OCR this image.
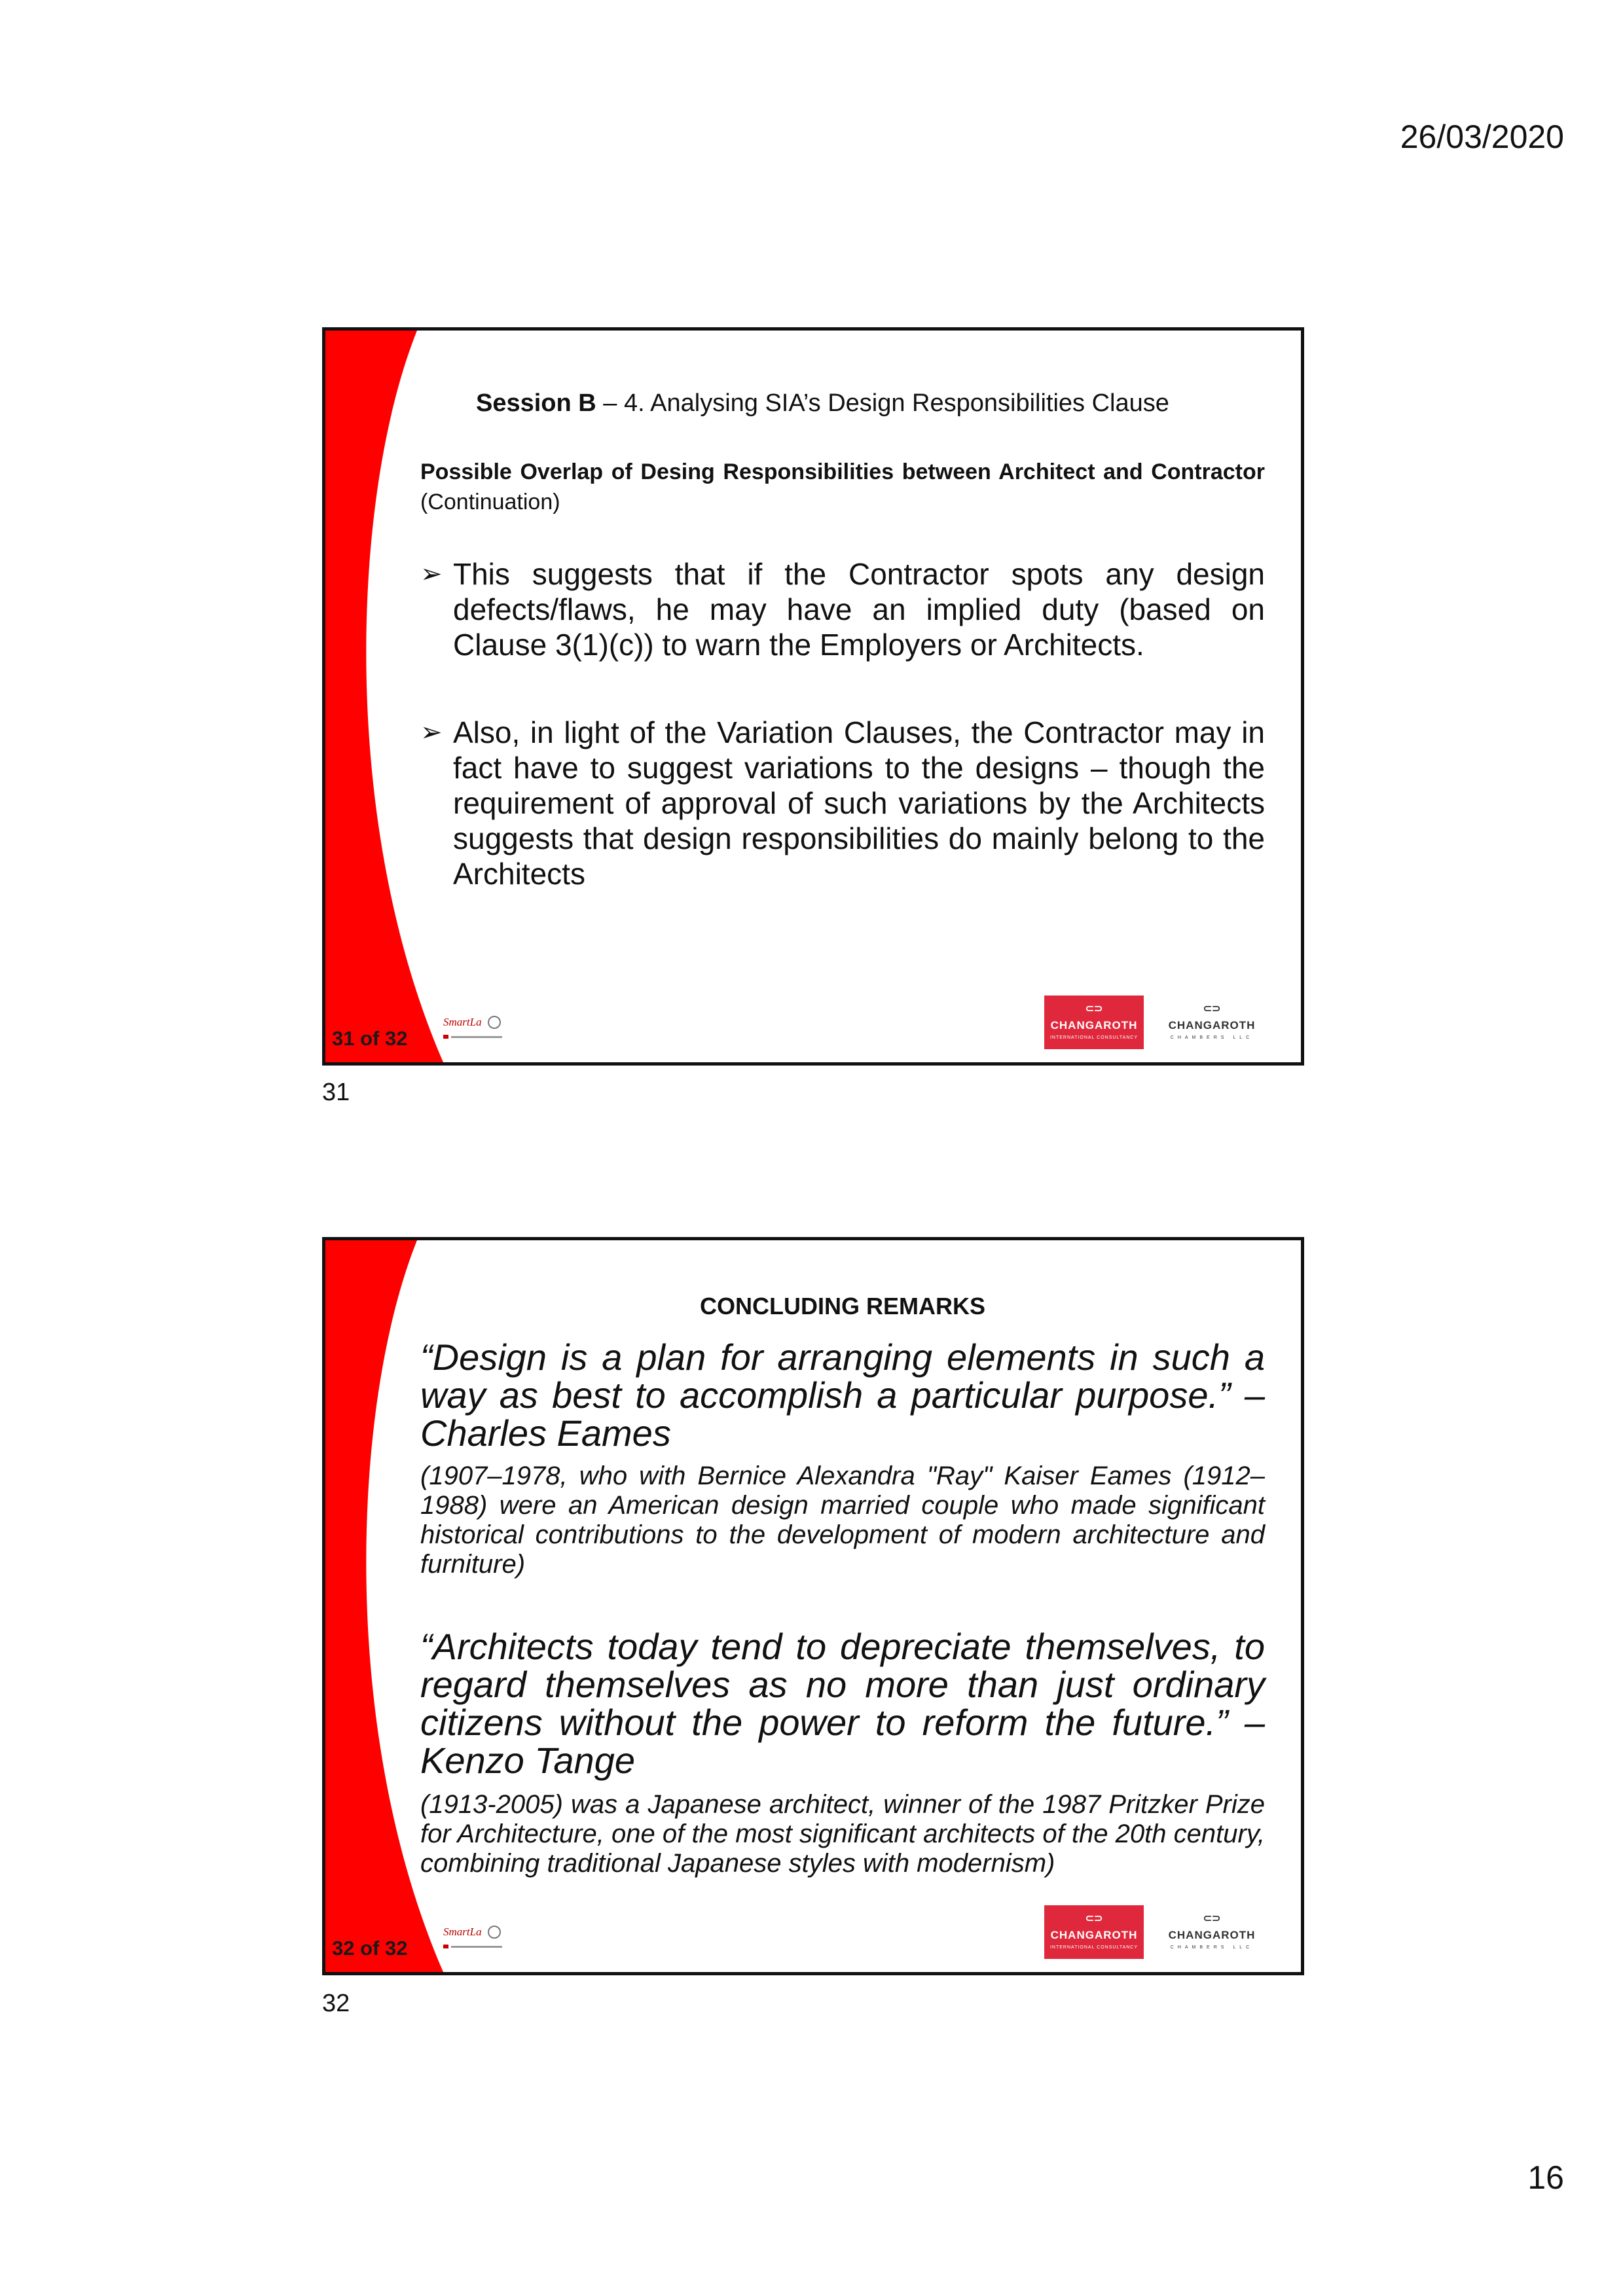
26/03/2020
Session B – 4. Analysing SIA’s Design Responsibilities Clause
Possible Overlap of Desing Responsibilities between Architect and Contractor (Continuation)
➢ This suggests that if the Contractor spots any design defects/flaws, he may have an implied duty (based on Clause 3(1)(c)) to warn the Employers or Architects.
➢ Also, in light of the Variation Clauses, the Contractor may in fact have to suggest variations to the designs – though the requirement of approval of such variations by the Architects suggests that design responsibilities do mainly belong to the Architects
31 of 32
SmartLa
⊂⊃
CHANGAROTH
INTERNATIONAL CONSULTANCY
⊂⊃
CHANGAROTH
CHAMBERS LLC
31
CONCLUDING REMARKS
“Design is a plan for arranging elements in such a way as best to accomplish a particular purpose.” – Charles Eames
(1907–1978, who with Bernice Alexandra "Ray" Kaiser Eames (1912–1988) were an American design married couple who made significant historical contributions to the development of modern architecture and furniture)
“Architects today tend to depreciate themselves, to regard themselves as no more than just ordinary citizens without the power to reform the future.” – Kenzo Tange
(1913-2005) was a Japanese architect, winner of the 1987 Pritzker Prize for Architecture, one of the most significant architects of the 20th century, combining traditional Japanese styles with modernism)
32 of 32
SmartLa
⊂⊃
CHANGAROTH
INTERNATIONAL CONSULTANCY
⊂⊃
CHANGAROTH
CHAMBERS LLC
32
16
